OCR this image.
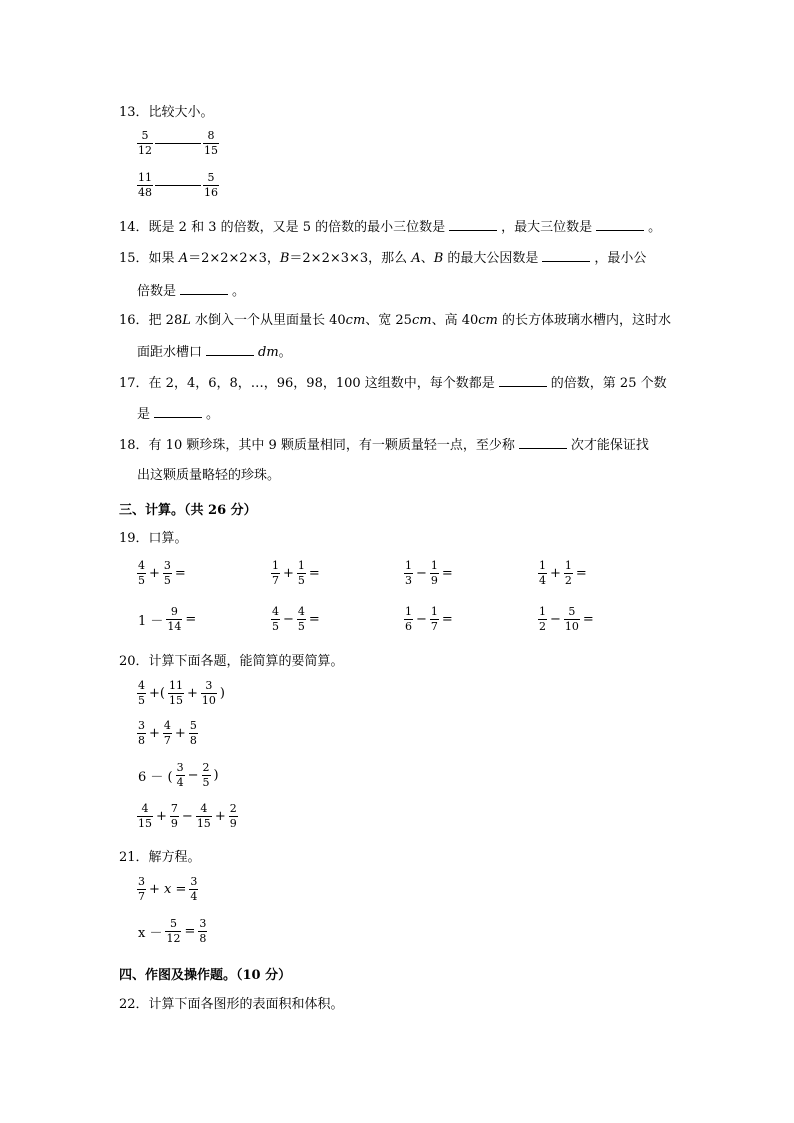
13．比较大小。
$\frac{5}{12}$	$\frac{8}{15}$
$\frac{11}{48}$	$\frac{5}{16}$
14．既是 2 和 3 的倍数，又是 5 的倍数的最小三位数是	，最大三位数是	。
15．如果 A＝2×2×2×3，B＝2×2×3×3，那么 A、B 的最大公因数是	，最小公
倍数是	。
16．把 28L 水倒入一个从里面量长 40cm、宽 25cm、高 40cm 的长方体玻璃水槽内，这时水
面距水槽口	dm。
17．在 2，4，6，8，…，96，98，100 这组数中，每个数都是	的倍数，第 25 个数
是	。
18．有 10 颗珍珠，其中 9 颗质量相同，有一颗质量轻一点，至少称	次才能保证找
出这颗质量略轻的珍珠。
三、计算。（共 26 分）
19．口算。
$\frac{4}{5} + \frac{3}{5}$ =	$\frac{1}{7} + \frac{1}{5}$ =	$\frac{1}{3} - \frac{1}{9}$ =	$\frac{1}{4} + \frac{1}{2}$ =
$1 - \frac{9}{14}$ =	$\frac{4}{5} - \frac{4}{5}$ =	$\frac{1}{6} - \frac{1}{7}$ =	$\frac{1}{2} - \frac{5}{10}$ =
20．计算下面各题，能简算的要简算。
$\frac{4}{5}$ +( $\frac{11}{15} + \frac{3}{10}$ )
$\frac{3}{8} + \frac{4}{7} + \frac{5}{8}$
6 － ( $\frac{3}{4} - \frac{2}{5}$ )
$\frac{4}{15} + \frac{7}{9} - \frac{4}{15} + \frac{2}{9}$
21．解方程。
$\frac{3}{7} + x = \frac{3}{4}$
$x - \frac{5}{12} = \frac{3}{8}$
四、作图及操作题。（10 分）
22．计算下面各图形的表面积和体积。
